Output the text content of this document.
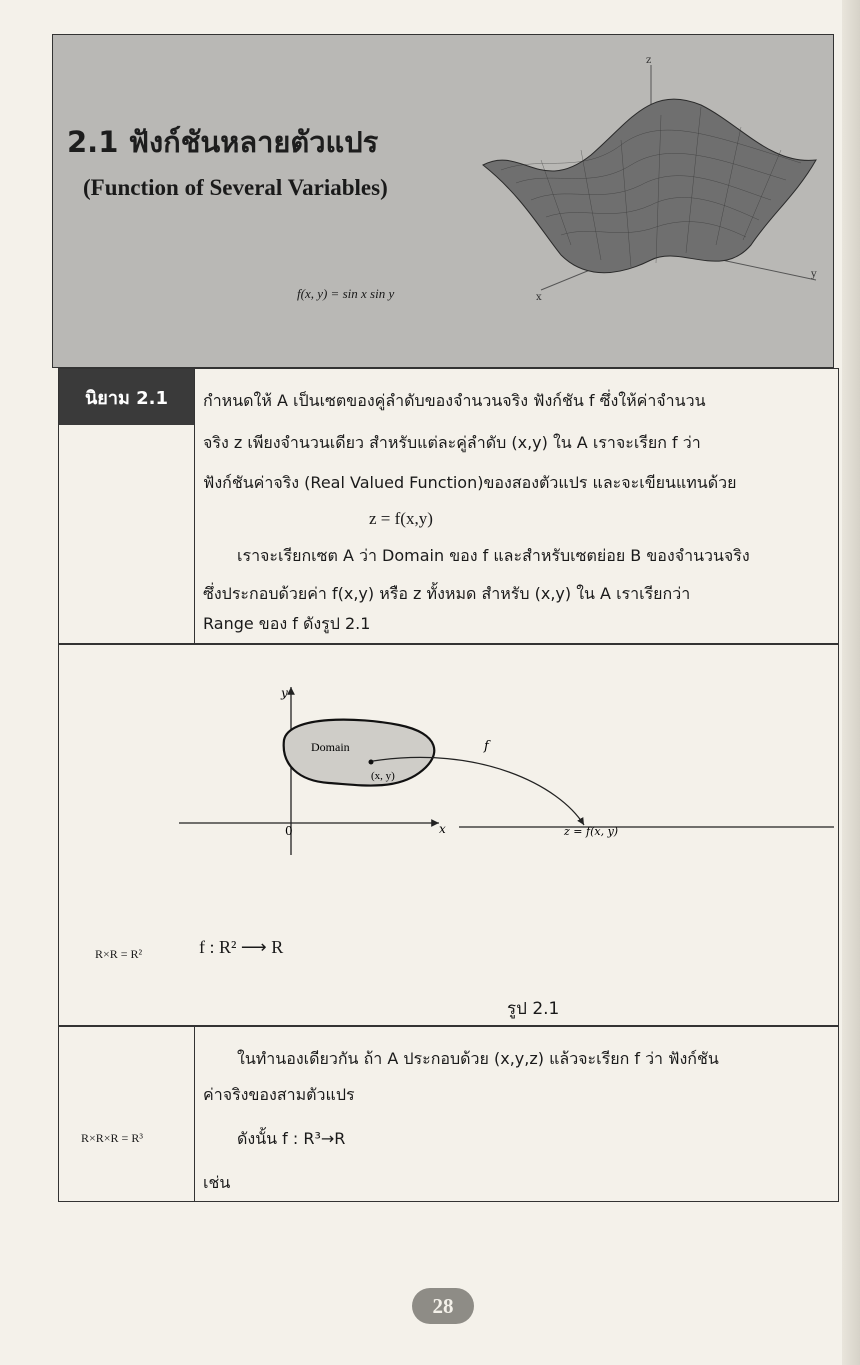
2.1 ฟังก์ชันหลายตัวแปร
(Function of Several Variables)
z
x
y
f(x, y) = sin x sin y
นิยาม 2.1	กำหนดให้ A เป็นเซตของคู่ลำดับของจำนวนจริง ฟังก์ชัน f ซึ่งให้ค่าจำนวน
จริง z เพียงจำนวนเดียว สำหรับแต่ละคู่ลำดับ (x,y) ใน A เราจะเรียก f ว่า
ฟังก์ชันค่าจริง (Real Valued Function)ของสองตัวแปร และจะเขียนแทนด้วย
z = f(x,y)
เราจะเรียกเซต A ว่า Domain ของ f และสำหรับเซตย่อย B ของจำนวนจริง
ซึ่งประกอบด้วยค่า f(x,y) หรือ z ทั้งหมด สำหรับ (x,y) ใน A เราเรียกว่า
Range ของ f ดังรูป 2.1
x
y
0
Domain
(x, y)
f
z = f(x, y)
R×R = R²	f : R² ⟶ R
รูป 2.1
R×R×R = R³
ในทำนองเดียวกัน ถ้า A ประกอบด้วย (x,y,z) แล้วจะเรียก f ว่า ฟังก์ชัน
ค่าจริงของสามตัวแปร
ดังนั้น f : R³→R
เช่น
28
